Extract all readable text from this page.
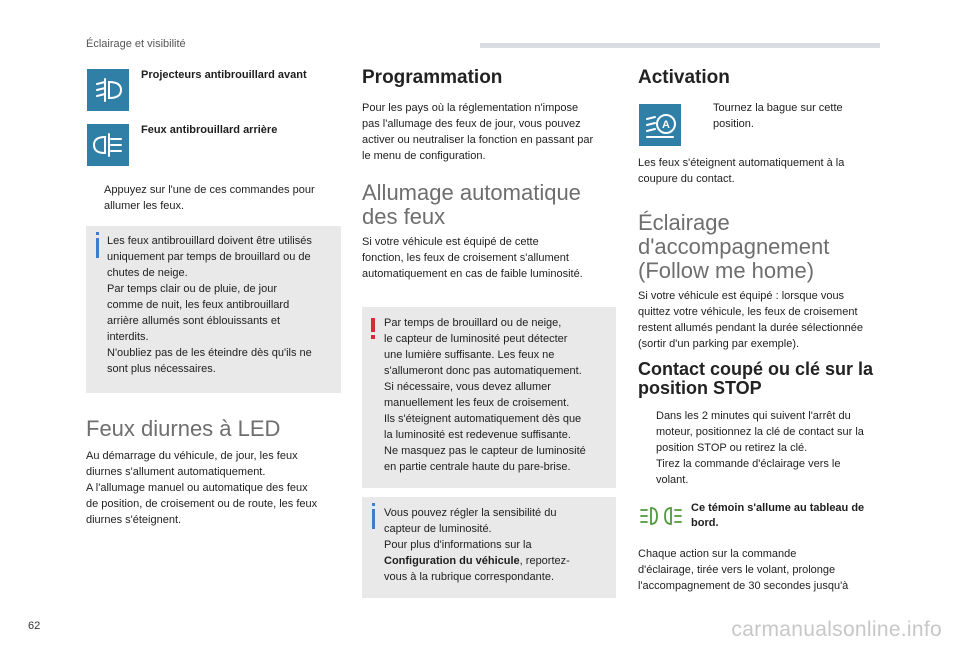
Éclairage et visibilité
Projecteurs antibrouillard avant
Feux antibrouillard arrière
Appuyez sur l'une de ces commandes pour
allumer les feux.
Les feux antibrouillard doivent être utilisés
uniquement par temps de brouillard ou de
chutes de neige.
Par temps clair ou de pluie, de jour
comme de nuit, les feux antibrouillard
arrière allumés sont éblouissants et
interdits.
N'oubliez pas de les éteindre dès qu'ils ne
sont plus nécessaires.
Feux diurnes à LED
Au démarrage du véhicule, de jour, les feux
diurnes s'allument automatiquement.
A l'allumage manuel ou automatique des feux
de position, de croisement ou de route, les feux
diurnes s'éteignent.
Programmation
Pour les pays où la réglementation n'impose
pas l'allumage des feux de jour, vous pouvez
activer ou neutraliser la fonction en passant par
le menu de configuration.
Allumage automatique
des feux
Si votre véhicule est équipé de cette
fonction, les feux de croisement s'allument
automatiquement en cas de faible luminosité.
Par temps de brouillard ou de neige,
le capteur de luminosité peut détecter
une lumière suffisante. Les feux ne
s'allumeront donc pas automatiquement.
Si nécessaire, vous devez allumer
manuellement les feux de croisement.
Ils s'éteignent automatiquement dès que
la luminosité est redevenue suffisante.
Ne masquez pas le capteur de luminosité
en partie centrale haute du pare-brise.
Vous pouvez régler la sensibilité du
capteur de luminosité.
Pour plus d'informations sur la
Configuration du véhicule, reportez-
vous à la rubrique correspondante.
Activation
A
Tournez la bague sur cette
position.
Les feux s'éteignent automatiquement à la
coupure du contact.
Éclairage
d'accompagnement
(Follow me home)
Si votre véhicule est équipé : lorsque vous
quittez votre véhicule, les feux de croisement
restent allumés pendant la durée sélectionnée
(sortir d'un parking par exemple).
Contact coupé ou clé sur la
position STOP
Dans les 2 minutes qui suivent l'arrêt du
moteur, positionnez la clé de contact sur la
position STOP ou retirez la clé.
Tirez la commande d'éclairage vers le
volant.
Ce témoin s'allume au tableau de
bord.
Chaque action sur la commande
d'éclairage, tirée vers le volant, prolonge
l'accompagnement de 30 secondes jusqu'à
62	carmanualsonline.info
